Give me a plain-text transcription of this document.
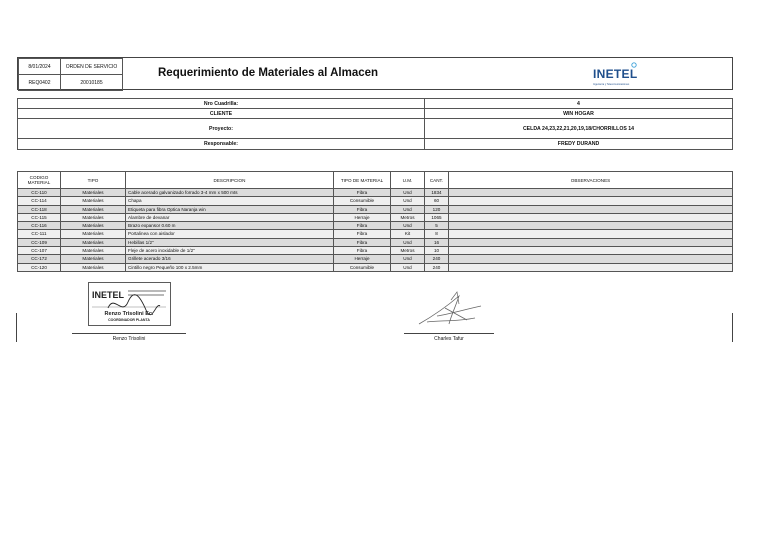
8/01/2024	ORDEN DE SERVICIO
REQ0402	20010185
Requerimiento de Materiales al Almacen	INETEL
Ingeniería y Telecomunicaciones
Nro Cuadrilla:	4
CLIENTE	WIN HOGAR
Proyecto:	CELDA 24,23,22,21,20,19,18/CHORRILLOS 14
Responsable:	FREDY DURAND
CODIGO MATERIAL	TIPO	DESCRIPCION	TIPO DE MATERIAL	U.M.	CANT.	OBSERVACIONES
CC-110	Materiales	Cable acerado galvanizado forrado 3-4 mm x 500 mts	Fibra	Und	1834	
CC-114	Materiales	Chapa	Consumible	Und	60	
CC-118	Materiales	Etiqueta para fibra Optica Naranja win	Fibra	Und	120	
CC-115	Materiales	Alambre de devanar	Herraje	Metros	1065	
CC-116	Materiales	Brazo expansor 0.60 m	Fibra	Und	5	
CC-111	Materiales	Portalinea con aislador	Fibra	Kit	8	
CC-109	Materiales	Hebillas 1/2"	Fibra	Und	16	
CC-107	Materiales	Fleje de acero inoxidable de 1/2"	Fibra	Metros	10	
CC-172	Materiales	Grillete acerado 3/16	Herraje	Und	240	
CC-120	Materiales	Cintillo negro Pequeño 100 x 2.5mm	Consumible	Und	240	
INETEL
Renzo Trisolini Ec.
COORDINADOR PLANTA
Renzo Trisolini	Charles Tafur
